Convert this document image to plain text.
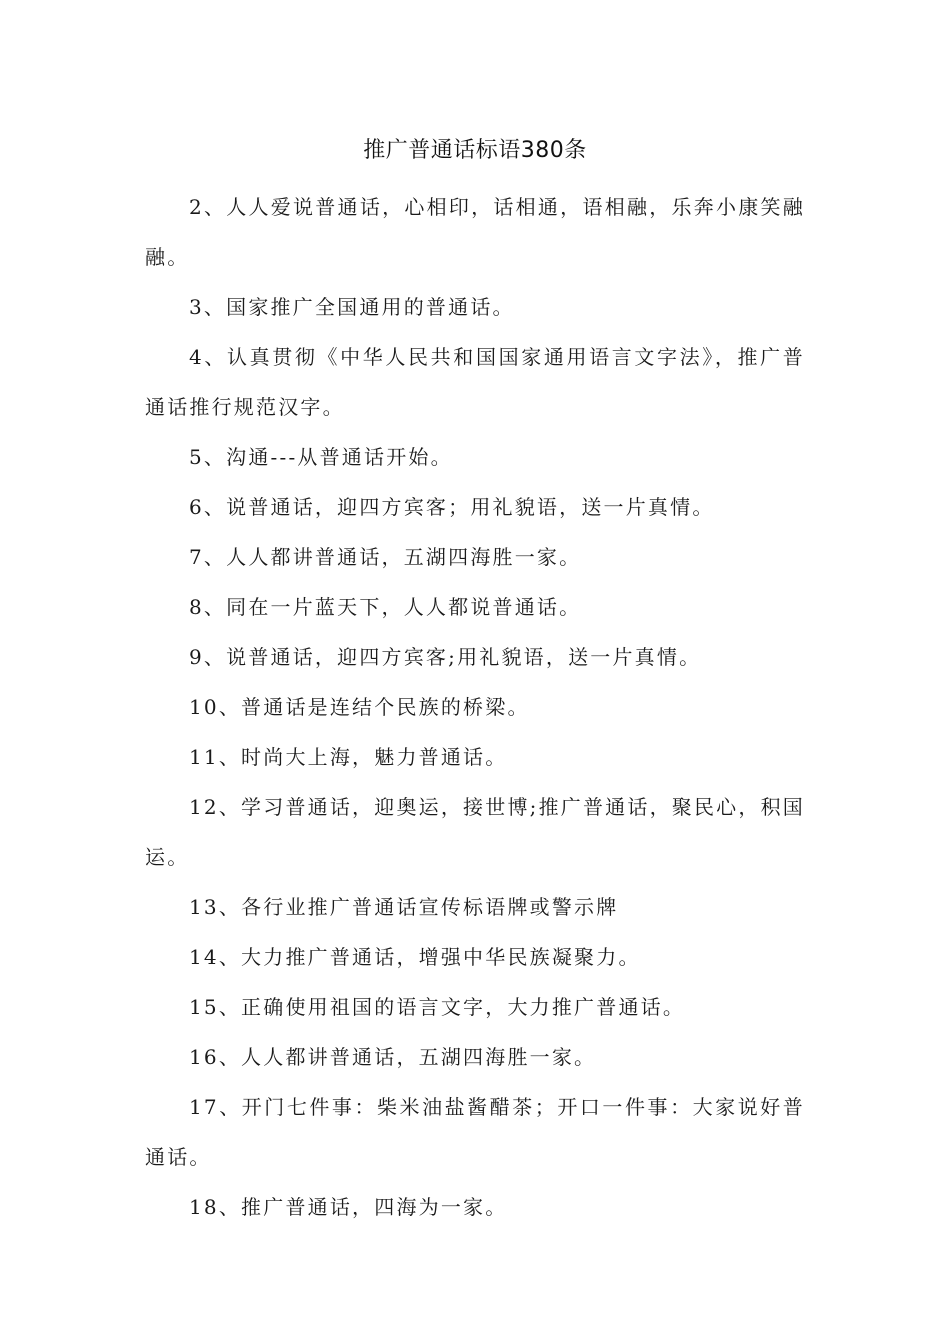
推广普通话标语380条

2、人人爱说普通话，心相印，话相通，语相融，乐奔小康笑融融。

3、国家推广全国通用的普通话。

4、认真贯彻《中华人民共和国国家通用语言文字法》，推广普通话推行规范汉字。

5、沟通---从普通话开始。

6、说普通话，迎四方宾客；用礼貌语，送一片真情。

7、人人都讲普通话，五湖四海胜一家。

8、同在一片蓝天下，人人都说普通话。

9、说普通话，迎四方宾客;用礼貌语，送一片真情。

10、普通话是连结个民族的桥梁。

11、时尚大上海，魅力普通话。

12、学习普通话，迎奥运，接世博;推广普通话，聚民心，积国运。

13、各行业推广普通话宣传标语牌或警示牌

14、大力推广普通话，增强中华民族凝聚力。

15、正确使用祖国的语言文字，大力推广普通话。

16、人人都讲普通话，五湖四海胜一家。

17、开门七件事：柴米油盐酱醋茶；开口一件事：大家说好普通话。

18、推广普通话，四海为一家。
